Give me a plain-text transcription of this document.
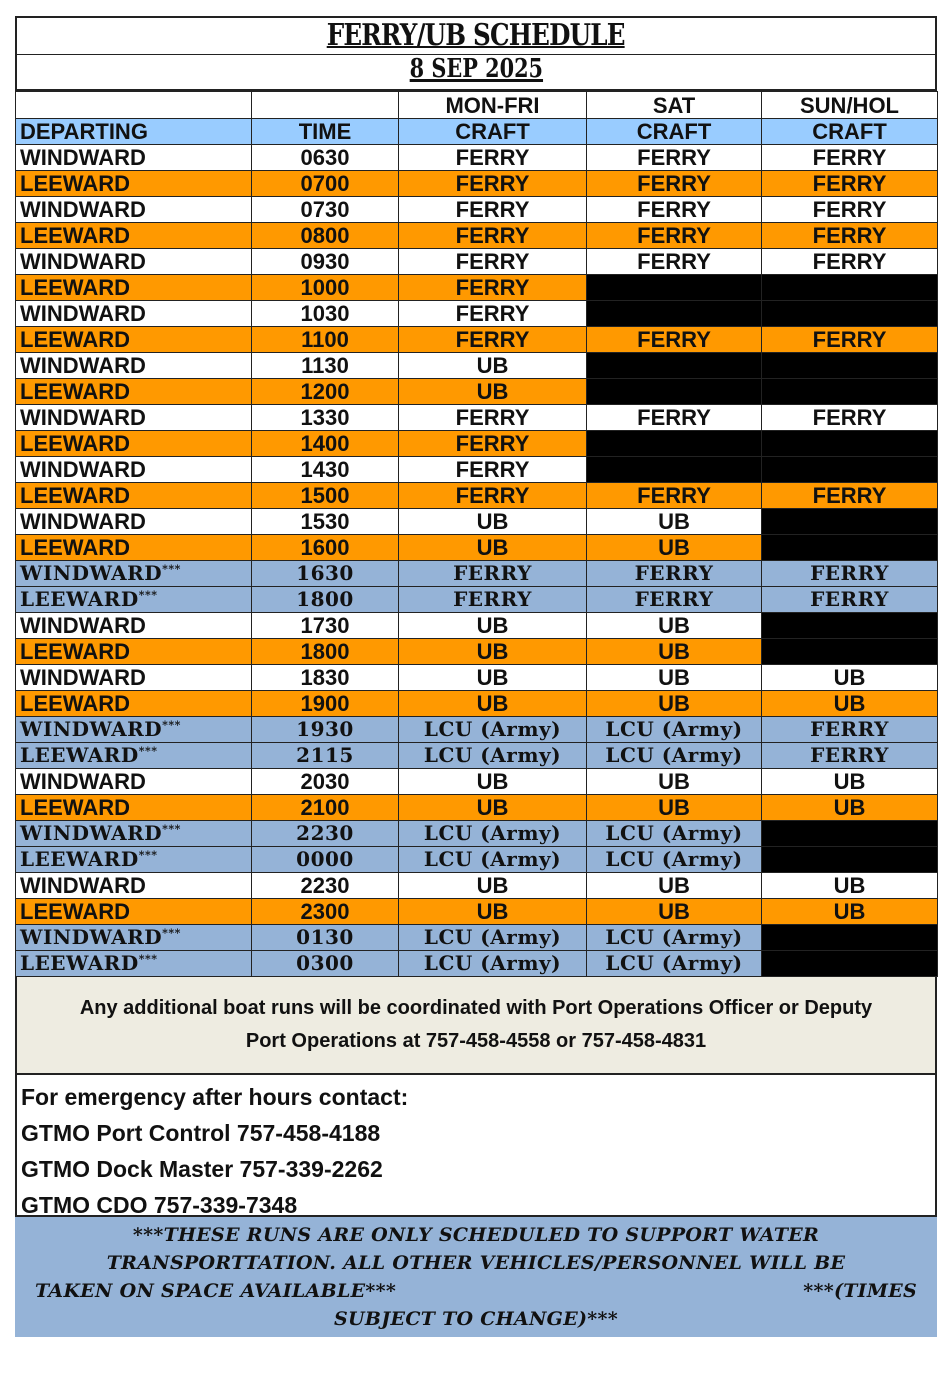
FERRY/UB SCHEDULE
8 SEP 2025
		MON-FRI	SAT	SUN/HOL
DEPARTING	TIME	CRAFT	CRAFT	CRAFT
WINDWARD	0630	FERRY	FERRY	FERRY
LEEWARD	0700	FERRY	FERRY	FERRY
WINDWARD	0730	FERRY	FERRY	FERRY
LEEWARD	0800	FERRY	FERRY	FERRY
WINDWARD	0930	FERRY	FERRY	FERRY
LEEWARD	1000	FERRY		
WINDWARD	1030	FERRY		
LEEWARD	1100	FERRY	FERRY	FERRY
WINDWARD	1130	UB		
LEEWARD	1200	UB		
WINDWARD	1330	FERRY	FERRY	FERRY
LEEWARD	1400	FERRY		
WINDWARD	1430	FERRY		
LEEWARD	1500	FERRY	FERRY	FERRY
WINDWARD	1530	UB	UB	
LEEWARD	1600	UB	UB	
WINDWARD***	1630	FERRY	FERRY	FERRY
LEEWARD***	1800	FERRY	FERRY	FERRY
WINDWARD	1730	UB	UB	
LEEWARD	1800	UB	UB	
WINDWARD	1830	UB	UB	UB
LEEWARD	1900	UB	UB	UB
WINDWARD***	1930	LCU (Army)	LCU (Army)	FERRY
LEEWARD***	2115	LCU (Army)	LCU (Army)	FERRY
WINDWARD	2030	UB	UB	UB
LEEWARD	2100	UB	UB	UB
WINDWARD***	2230	LCU (Army)	LCU (Army)	
LEEWARD***	0000	LCU (Army)	LCU (Army)	
WINDWARD	2230	UB	UB	UB
LEEWARD	2300	UB	UB	UB
WINDWARD***	0130	LCU (Army)	LCU (Army)	
LEEWARD***	0300	LCU (Army)	LCU (Army)	
Any additional boat runs will be coordinated with Port Operations Officer or Deputy
Port Operations at 757-458-4558 or 757-458-4831
For emergency after hours contact:
GTMO Port Control 757-458-4188
GTMO Dock Master 757-339-2262
GTMO CDO 757-339-7348
***THESE RUNS ARE ONLY SCHEDULED TO SUPPORT WATER
TRANSPORTTATION. ALL OTHER VEHICLES/PERSONNEL WILL BE
TAKEN ON SPACE AVAILABLE***	***(TIMES
SUBJECT TO CHANGE)***
